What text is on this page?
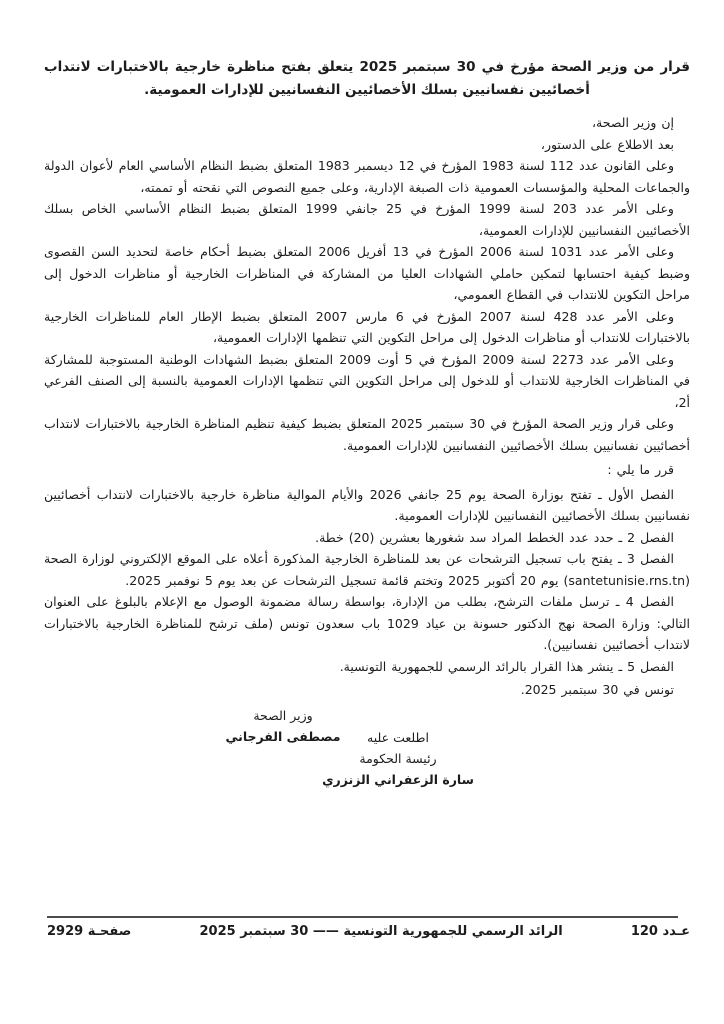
قرار من وزير الصحة مؤرخ في 30 سبتمبر 2025 يتعلق بفتح مناظرة خارجية بالاختبارات لانتداب أخصائيين نفسانيين بسلك الأخصائيين النفسانيين للإدارات العمومية.

إن وزير الصحة،

بعد الاطلاع على الدستور،

وعلى القانون عدد 112 لسنة 1983 المؤرخ في 12 ديسمبر 1983 المتعلق بضبط النظام الأساسي العام لأعوان الدولة والجماعات المحلية والمؤسسات العمومية ذات الصبغة الإدارية، وعلى جميع النصوص التي نقحته أو تممته،

وعلى الأمر عدد 203 لسنة 1999 المؤرخ في 25 جانفي 1999 المتعلق بضبط النظام الأساسي الخاص بسلك الأخصائيين النفسانيين للإدارات العمومية،

وعلى الأمر عدد 1031 لسنة 2006 المؤرخ في 13 أفريل 2006 المتعلق بضبط أحكام خاصة لتحديد السن القصوى وضبط كيفية احتسابها لتمكين حاملي الشهادات العليا من المشاركة في المناظرات الخارجية أو مناظرات الدخول إلى مراحل التكوين للانتداب في القطاع العمومي،

وعلى الأمر عدد 428 لسنة 2007 المؤرخ في 6 مارس 2007 المتعلق بضبط الإطار العام للمناظرات الخارجية بالاختبارات للانتداب أو مناظرات الدخول إلى مراحل التكوين التي تنظمها الإدارات العمومية،

وعلى الأمر عدد 2273 لسنة 2009 المؤرخ في 5 أوت 2009 المتعلق بضبط الشهادات الوطنية المستوجبة للمشاركة في المناظرات الخارجية للانتداب أو للدخول إلى مراحل التكوين التي تنظمها الإدارات العمومية بالنسبة إلى الصنف الفرعي أ2،

وعلى قرار وزير الصحة المؤرخ في 30 سبتمبر 2025 المتعلق بضبط كيفية تنظيم المناظرة الخارجية بالاختبارات لانتداب أخصائيين نفسانيين بسلك الأخصائيين النفسانيين للإدارات العمومية.

قرر ما يلي :

الفصل الأول ـ تفتح بوزارة الصحة يوم 25 جانفي 2026 والأيام الموالية مناظرة خارجية بالاختبارات لانتداب أخصائيين نفسانيين بسلك الأخصائيين النفسانيين للإدارات العمومية.

الفصل 2 ـ حدد عدد الخطط المراد سد شغورها بعشرين (20) خطة.

الفصل 3 ـ يفتح باب تسجيل الترشحات عن بعد للمناظرة الخارجية المذكورة أعلاه على الموقع الإلكتروني لوزارة الصحة (santetunisie.rns.tn) يوم 20 أكتوبر 2025 وتختم قائمة تسجيل الترشحات عن بعد يوم 5 نوفمبر 2025.

الفصل 4 ـ ترسل ملفات الترشح، بطلب من الإدارة، بواسطة رسالة مضمونة الوصول مع الإعلام بالبلوغ على العنوان التالي: وزارة الصحة نهج الدكتور حسونة بن عياد 1029 باب سعدون تونس (ملف ترشح للمناظرة الخارجية بالاختبارات لانتداب أخصائيين نفسانيين).

الفصل 5 ـ ينشر هذا القرار بالرائد الرسمي للجمهورية التونسية.

تونس في 30 سبتمبر 2025.

وزير الصحة
مصطفى الفرجاني	اطلعت عليه
رئيسة الحكومة
سارة الزعفراني الزنزري
عـدد 120
الرائد الرسمي للجمهورية التونسية —— 30 سبتمبر 2025
صفحـة 2929
